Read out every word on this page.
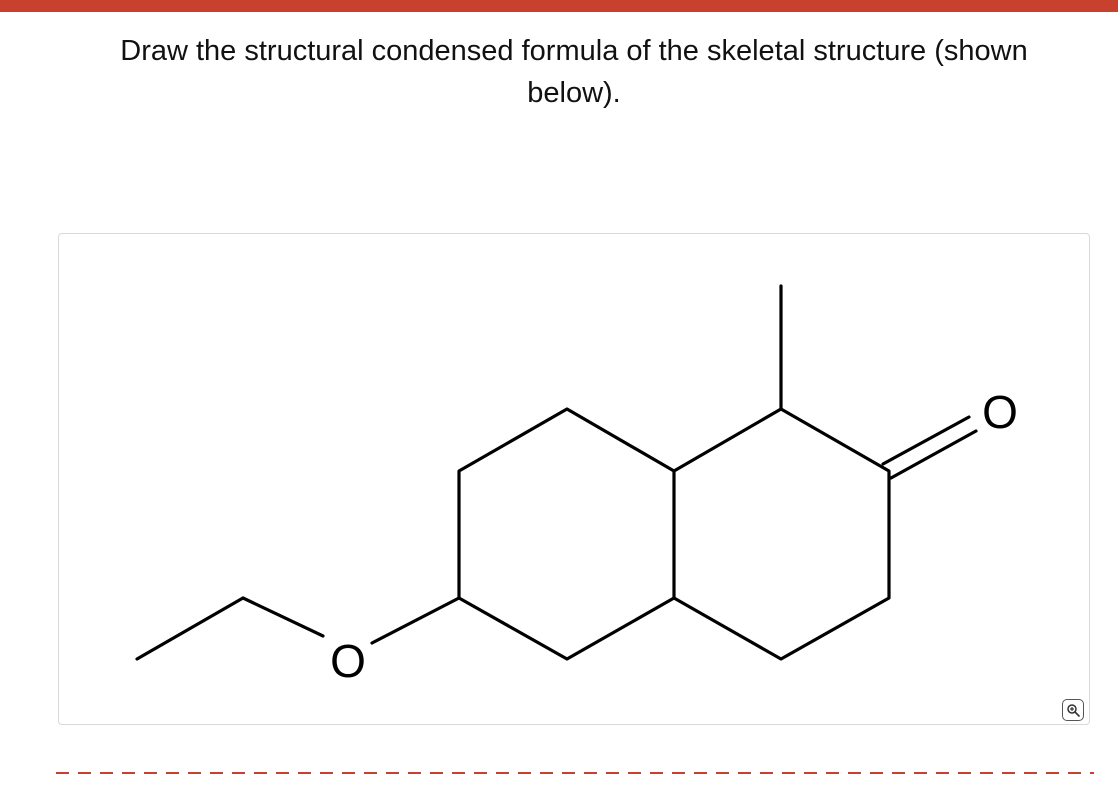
Draw the structural condensed formula of the skeletal structure (shown
below).
O
O
